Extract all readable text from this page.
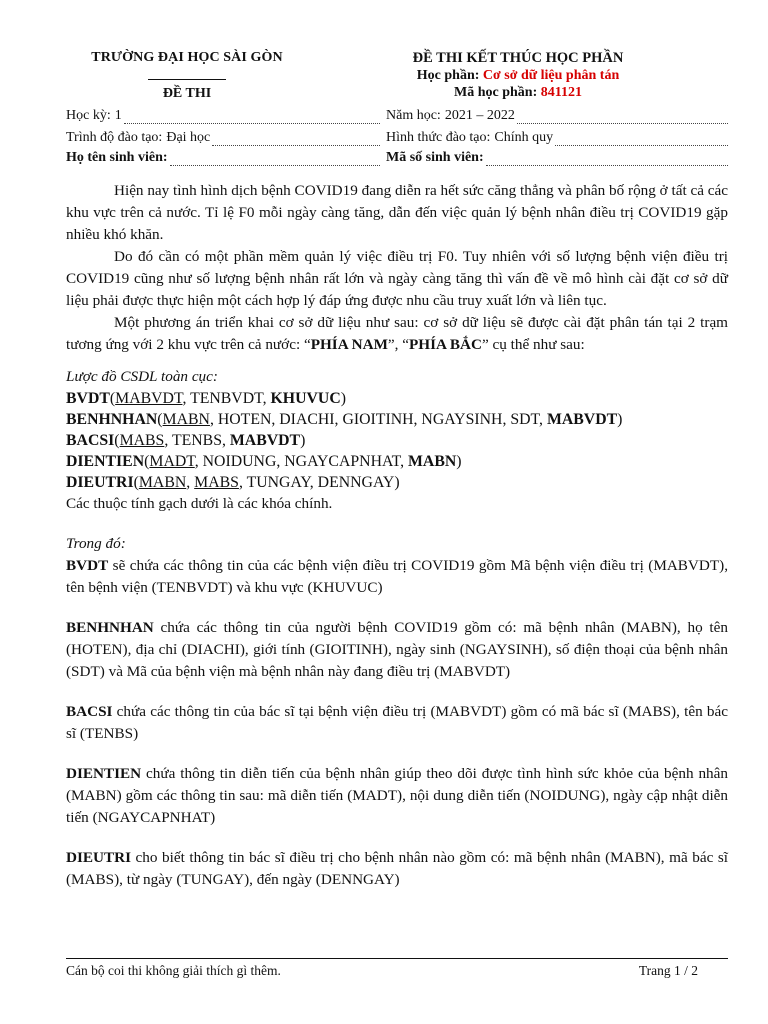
TRƯỜNG ĐẠI HỌC SÀI GÒN
ĐỀ THI
ĐỀ THI KẾT THÚC HỌC PHẦN
Học phần: Cơ sở dữ liệu phân tán
Mã học phần: 841121
Học kỳ: 1	Năm học: 2021 – 2022
Trình độ đào tạo: Đại học	Hình thức đào tạo: Chính quy
Họ tên sinh viên:	Mã số sinh viên:

Hiện nay tình hình dịch bệnh COVID19 đang diễn ra hết sức căng thẳng và phân bố rộng ở tất cả các khu vực trên cả nước. Tỉ lệ F0 mỗi ngày càng tăng, dẫn đến việc quản lý bệnh nhân điều trị COVID19 gặp nhiều khó khăn.

Do đó cần có một phần mềm quản lý việc điều trị F0. Tuy nhiên với số lượng bệnh viện điều trị COVID19 cũng như số lượng bệnh nhân rất lớn và ngày càng tăng thì vấn đề về mô hình cài đặt cơ sở dữ liệu phải được thực hiện một cách hợp lý đáp ứng được nhu cầu truy xuất lớn và liên tục.

Một phương án triển khai cơ sở dữ liệu như sau: cơ sở dữ liệu sẽ được cài đặt phân tán tại 2 trạm tương ứng với 2 khu vực trên cả nước: “PHÍA NAM”, “PHÍA BẮC” cụ thể như sau:

Lược đồ CSDL toàn cục:

BVDT(MABVDT, TENBVDT, KHUVUC)

BENHNHAN(MABN, HOTEN, DIACHI, GIOITINH, NGAYSINH, SDT, MABVDT)

BACSI(MABS, TENBS, MABVDT)

DIENTIEN(MADT, NOIDUNG, NGAYCAPNHAT, MABN)

DIEUTRI(MABN, MABS, TUNGAY, DENNGAY)

Các thuộc tính gạch dưới là các khóa chính.

Trong đó:

BVDT sẽ chứa các thông tin của các bệnh viện điều trị COVID19 gồm Mã bệnh viện điều trị (MABVDT), tên bệnh viện (TENBVDT) và khu vực (KHUVUC)

BENHNHAN chứa các thông tin của người bệnh COVID19 gồm có: mã bệnh nhân (MABN), họ tên (HOTEN), địa chỉ (DIACHI), giới tính (GIOITINH), ngày sinh (NGAYSINH), số điện thoại của bệnh nhân (SDT) và Mã của bệnh viện mà bệnh nhân này đang điều trị (MABVDT)

BACSI chứa các thông tin của bác sĩ tại bệnh viện điều trị (MABVDT) gồm có mã bác sĩ (MABS), tên bác sĩ (TENBS)

DIENTIEN chứa thông tin diễn tiến của bệnh nhân giúp theo dõi được tình hình sức khỏe của bệnh nhân (MABN) gồm các thông tin sau: mã diễn tiến (MADT), nội dung diễn tiến (NOIDUNG), ngày cập nhật diễn tiến (NGAYCAPNHAT)

DIEUTRI cho biết thông tin bác sĩ điều trị cho bệnh nhân nào gồm có: mã bệnh nhân (MABN), mã bác sĩ (MABS), từ ngày (TUNGAY), đến ngày (DENNGAY)

Cán bộ coi thi không giải thích gì thêm.	Trang 1 / 2
